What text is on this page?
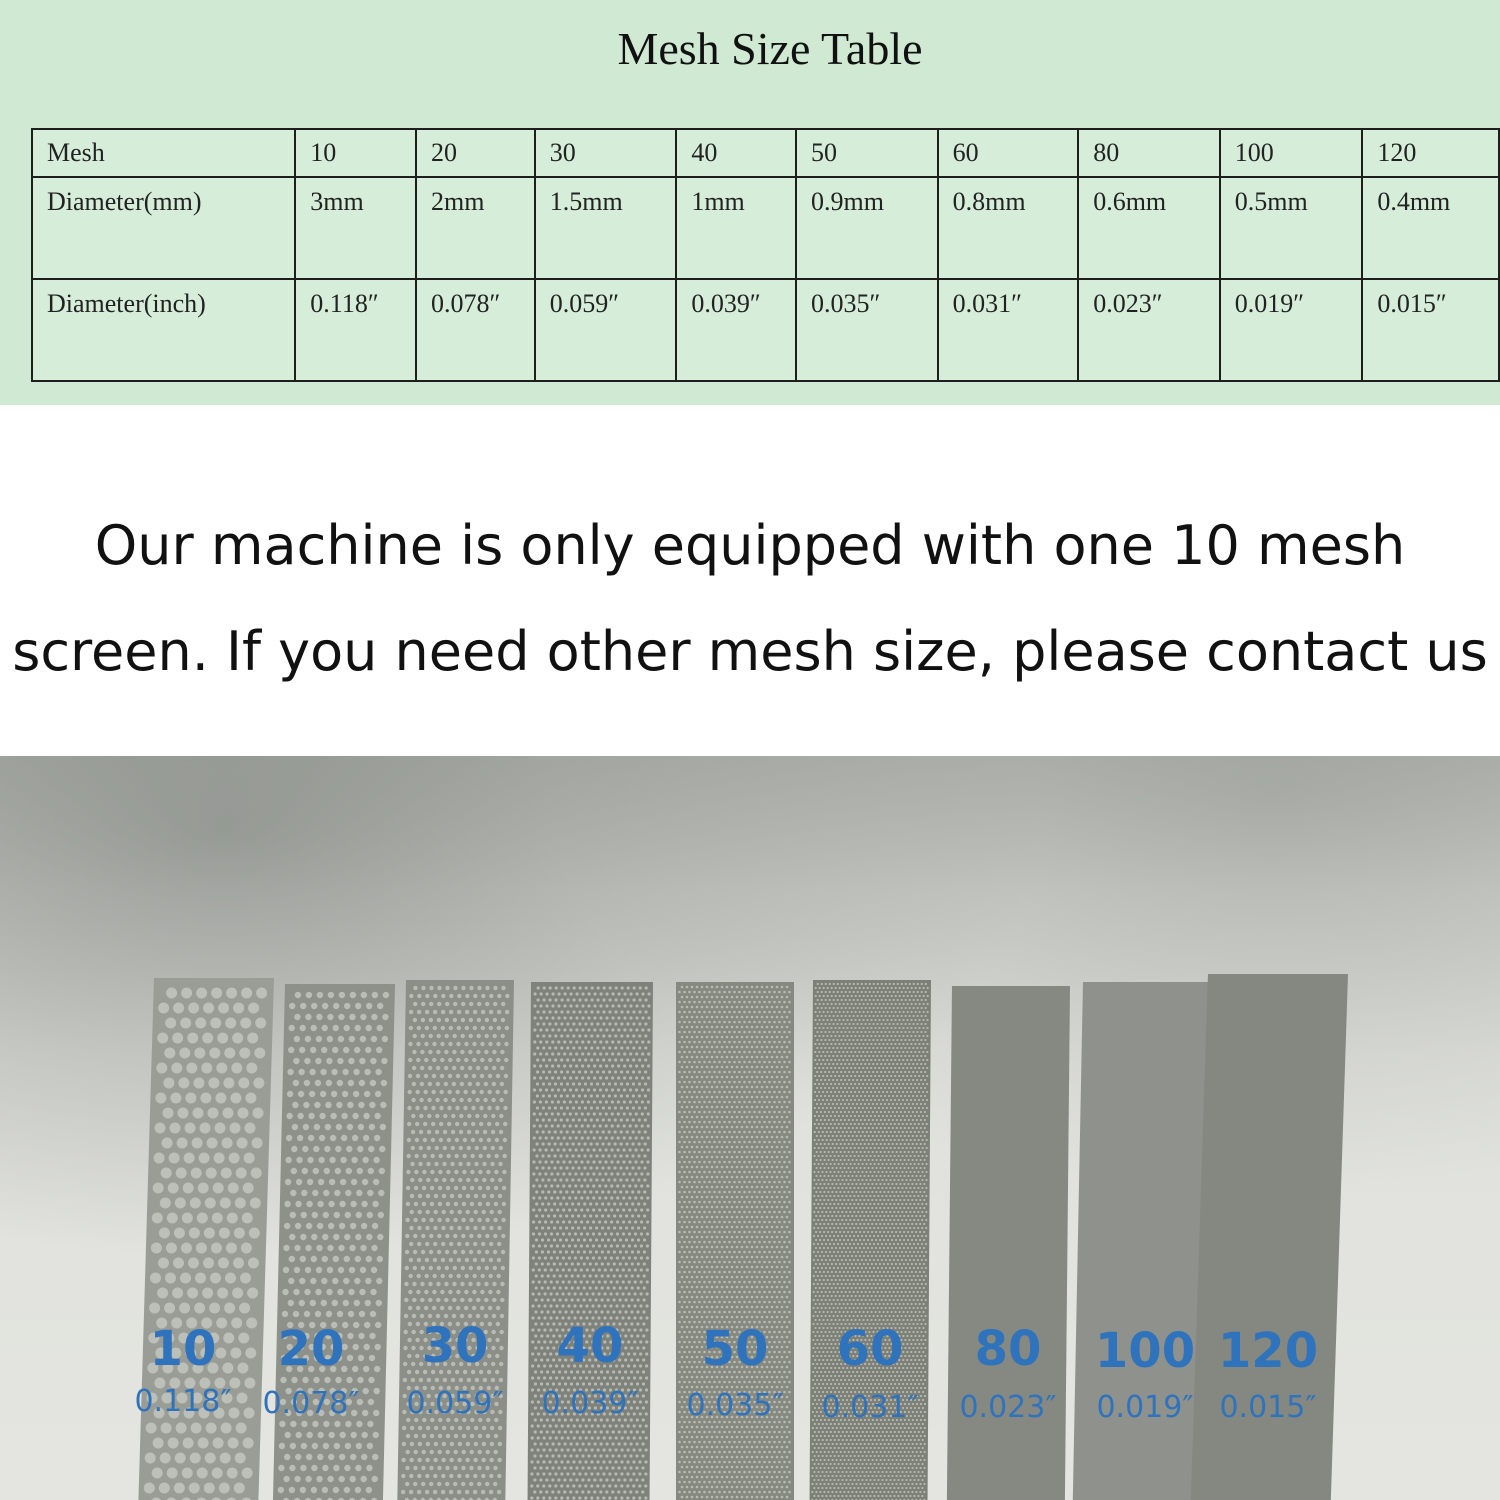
Mesh Size Table
Mesh	10	20	30	40	50	60	80	100	120
Diameter(mm)	3mm	2mm	1.5mm	1mm	0.9mm	0.8mm	0.6mm	0.5mm	0.4mm
Diameter(inch)	0.118″	0.078″	0.059″	0.039″	0.035″	0.031″	0.023″	0.019″	0.015″
Our machine is only equipped with one 10 mesh
screen. If you need other mesh size, please contact us
10
0.118″
20
0.078″
30
0.059″
40
0.039″
50
0.035″
60
0.031″
80
0.023″
100
0.019″
120
0.015″
